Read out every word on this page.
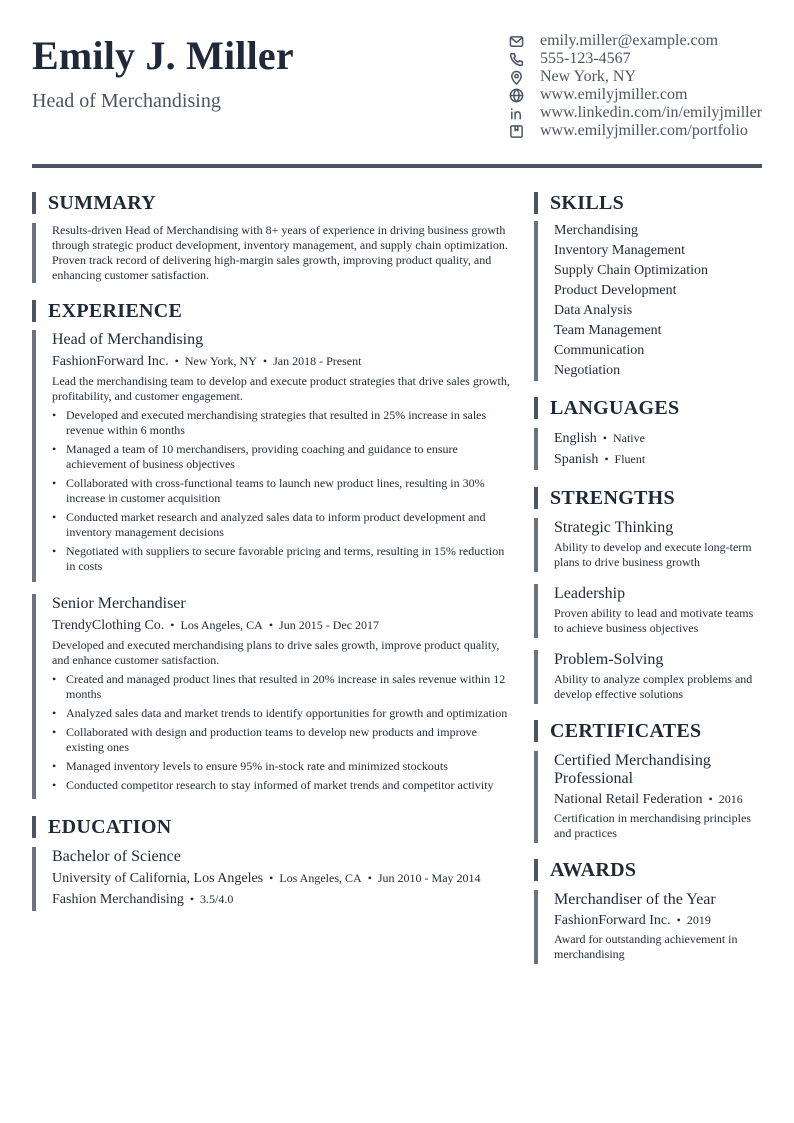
Emily J. Miller
Head of Merchandising
emily.miller@example.com
555-123-4567
New York, NY
www.emilyjmiller.com
www.linkedin.com/in/emilyjmiller
www.emilyjmiller.com/portfolio
SUMMARY
Results-driven Head of Merchandising with 8+ years of experience in driving business growth through strategic product development, inventory management, and supply chain optimization. Proven track record of delivering high-margin sales growth, improving product quality, and enhancing customer satisfaction.
EXPERIENCE
Head of Merchandising
FashionForward Inc. • New York, NY • Jan 2018 - Present
Lead the merchandising team to develop and execute product strategies that drive sales growth, profitability, and customer engagement.
• Developed and executed merchandising strategies that resulted in 25% increase in sales revenue within 6 months
• Managed a team of 10 merchandisers, providing coaching and guidance to ensure achievement of business objectives
• Collaborated with cross-functional teams to launch new product lines, resulting in 30% increase in customer acquisition
• Conducted market research and analyzed sales data to inform product development and inventory management decisions
• Negotiated with suppliers to secure favorable pricing and terms, resulting in 15% reduction in costs
Senior Merchandiser
TrendyClothing Co. • Los Angeles, CA • Jun 2015 - Dec 2017
Developed and executed merchandising plans to drive sales growth, improve product quality, and enhance customer satisfaction.
• Created and managed product lines that resulted in 20% increase in sales revenue within 12 months
• Analyzed sales data and market trends to identify opportunities for growth and optimization
• Collaborated with design and production teams to develop new products and improve existing ones
• Managed inventory levels to ensure 95% in-stock rate and minimized stockouts
• Conducted competitor research to stay informed of market trends and competitor activity
EDUCATION
Bachelor of Science
University of California, Los Angeles • Los Angeles, CA • Jun 2010 - May 2014
Fashion Merchandising • 3.5/4.0
SKILLS
Merchandising
Inventory Management
Supply Chain Optimization
Product Development
Data Analysis
Team Management
Communication
Negotiation
LANGUAGES
English • Native
Spanish • Fluent
STRENGTHS
Strategic Thinking
Ability to develop and execute long-term plans to drive business growth
Leadership
Proven ability to lead and motivate teams to achieve business objectives
Problem-Solving
Ability to analyze complex problems and develop effective solutions
CERTIFICATES
Certified Merchandising Professional
National Retail Federation • 2016
Certification in merchandising principles and practices
AWARDS
Merchandiser of the Year
FashionForward Inc. • 2019
Award for outstanding achievement in merchandising
